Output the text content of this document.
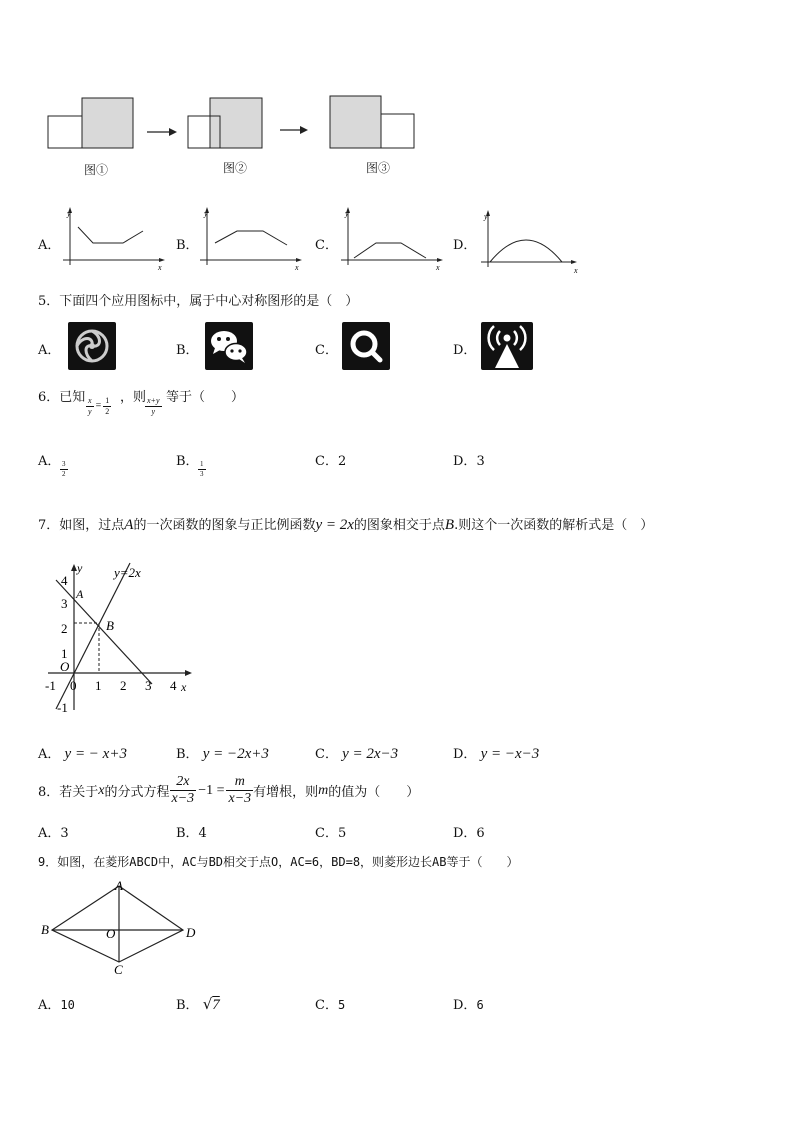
图①	图②	图③
A．	B．	C．	D．
y
x
y
x
y
x
y
x
5．下面四个应用图标中，属于中心对称图形的是（　）
A．	B．	C．	D．
6．已知 $\frac{x}{y} = \frac{1}{2}$ ，则
$\frac{x+y}{y}$ 等于（　　）
A． $\frac{3}{2}$	B． $\frac{1}{3}$	C．2	D．3
7．如图，过点A的一次函数的图象与正比例函数y = 2x的图象相交于点B.则这个一次函数的解析式是（　）
y=2x
y
x
O
A
B
-1 0 1 2 3 4
4
3
2
1
-1
A． y = − x+3	B． y = −2x+3	C． y = 2x−3	D． y = −x−3
8．若关于 x 的分式方程 $\frac{2x}{x-3} -1 = \frac{m}{x-3}$ 有增根，则 m 的值为（　　）
A．3	B．4	C．5	D．6
9．如图，在菱形ABCD中，AC与BD相交于点O，AC=6，BD=8，则菱形边长AB等于（　　）
A
B
C
D
O
A．10	B． √7	C．5	D．6
